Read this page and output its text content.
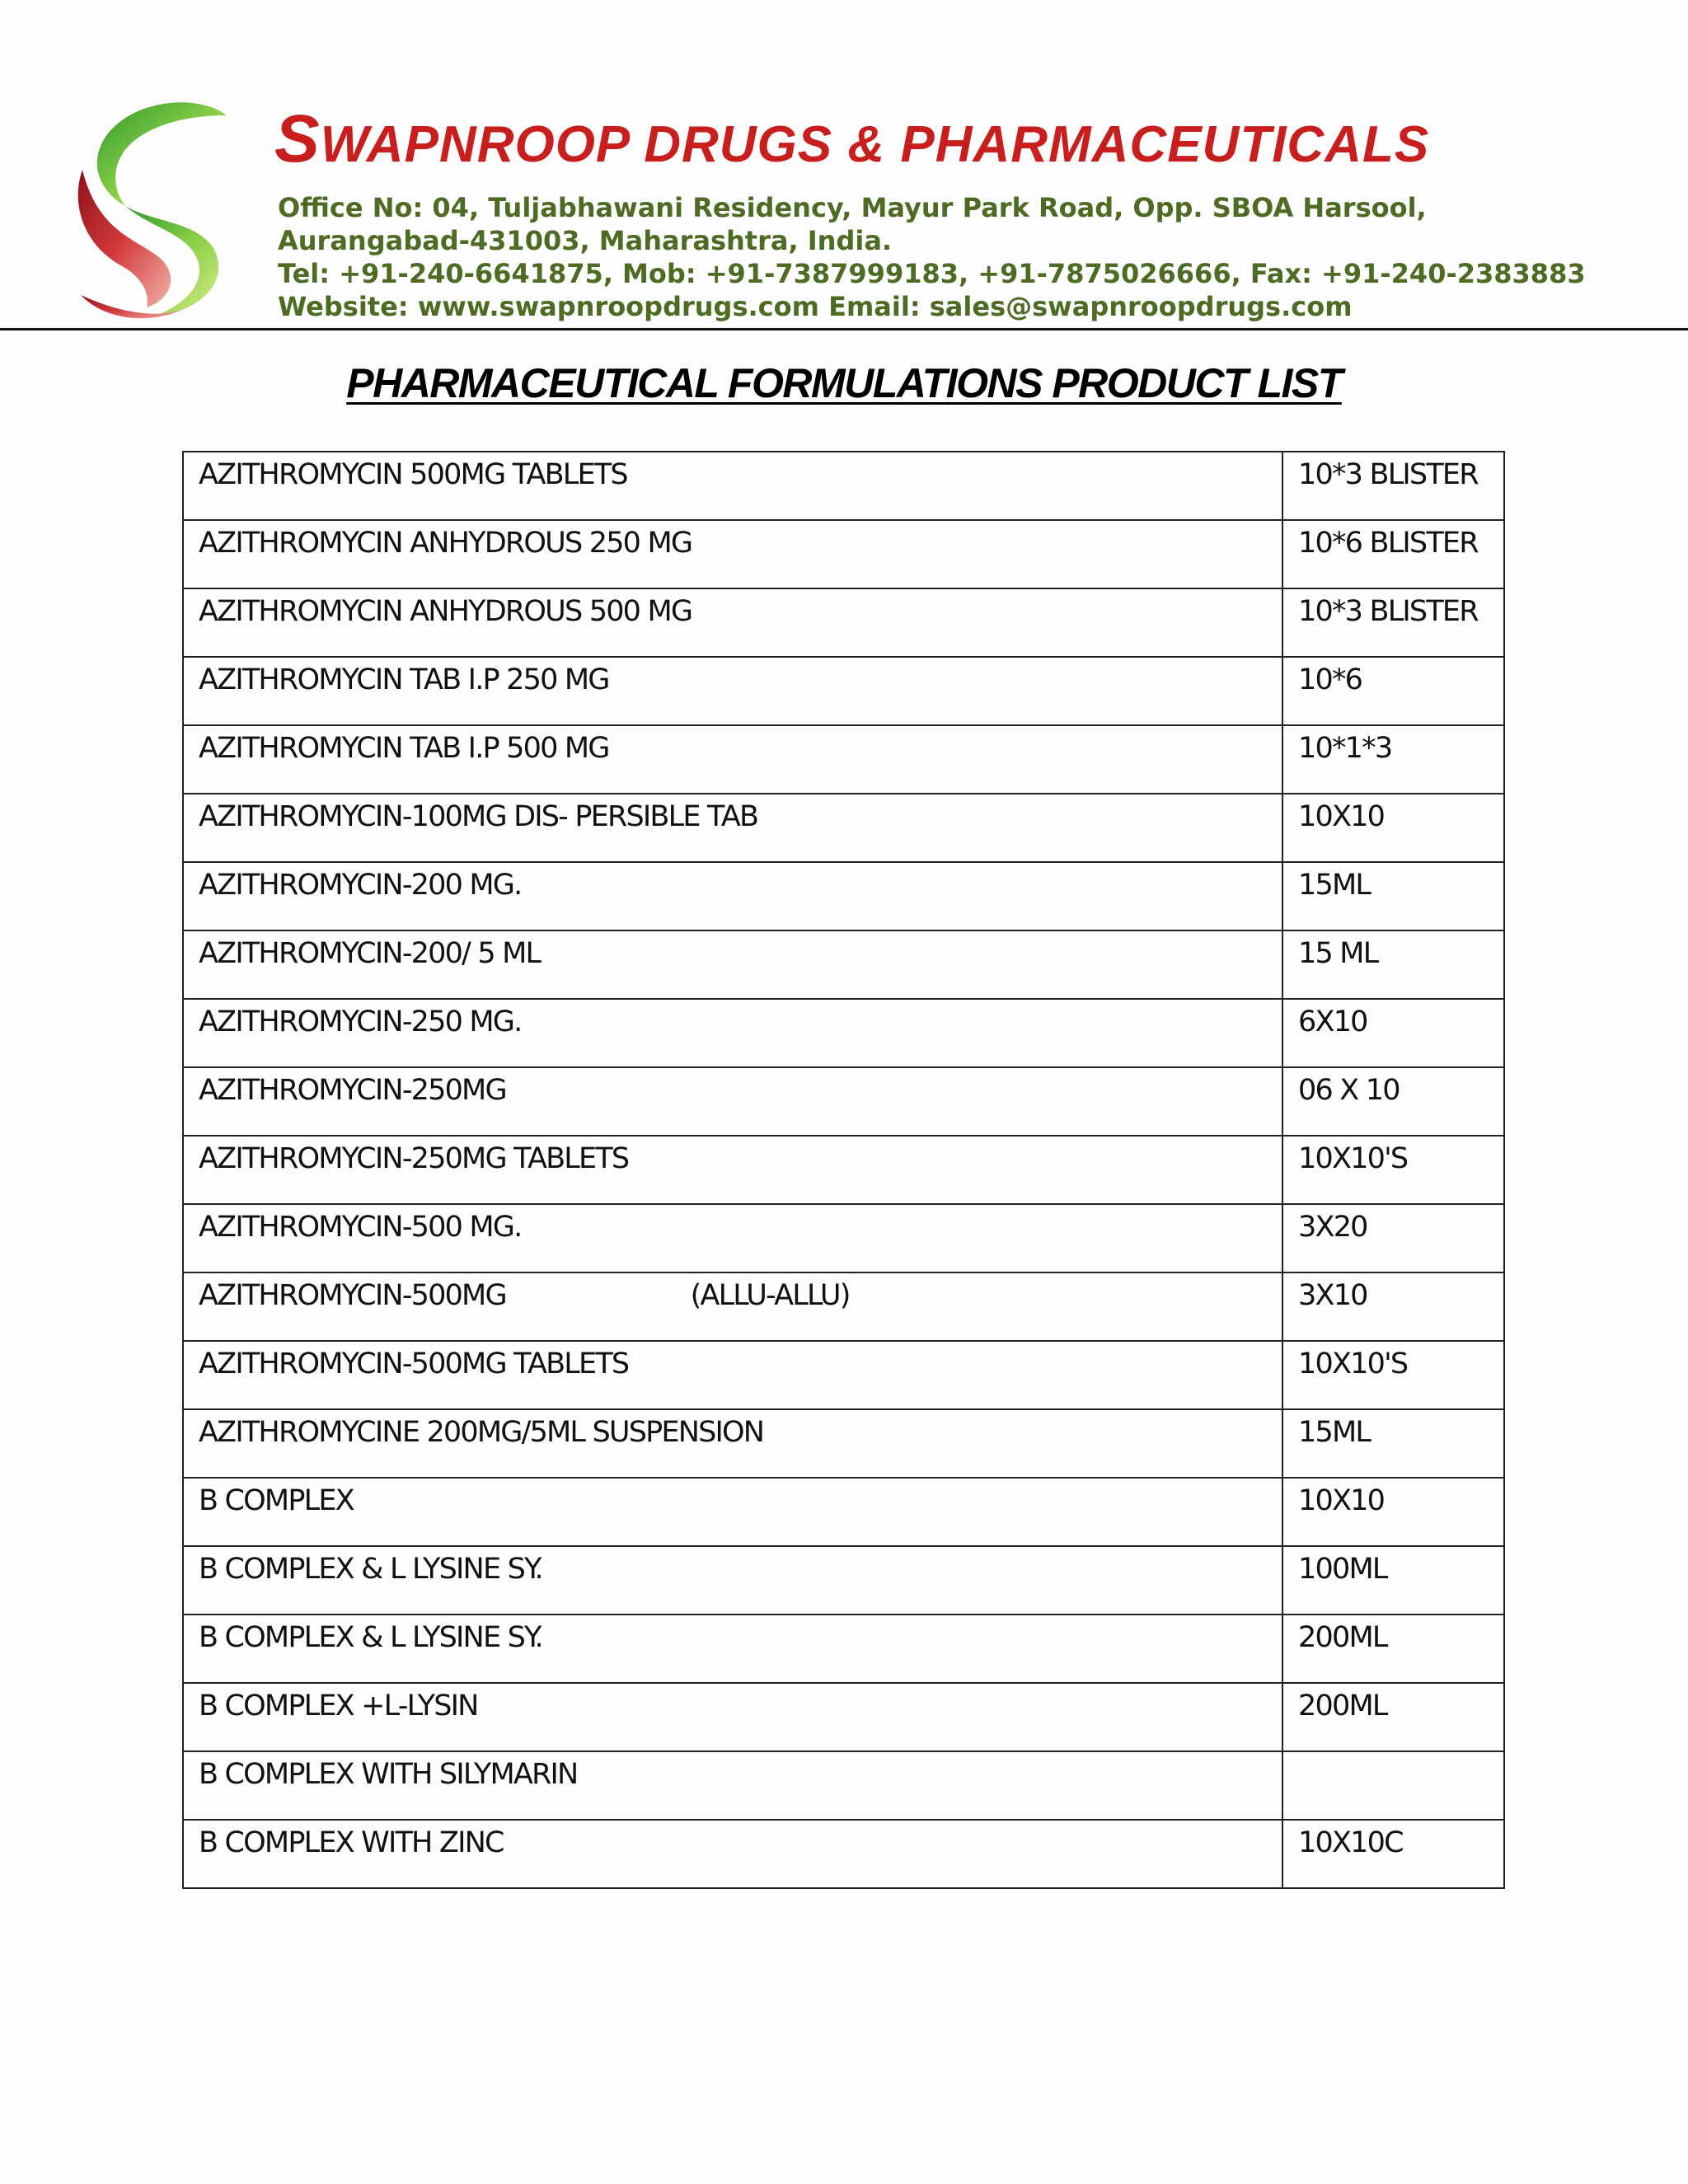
SWAPNROOP DRUGS & PHARMACEUTICALS
Office No: 04, Tuljabhawani Residency, Mayur Park Road, Opp. SBOA Harsool,
Aurangabad-431003, Maharashtra, India.
Tel: +91-240-6641875, Mob: +91-7387999183, +91-7875026666, Fax: +91-240-2383883
Website: www.swapnroopdrugs.com Email: sales@swapnroopdrugs.com
PHARMACEUTICAL FORMULATIONS PRODUCT LIST
AZITHROMYCIN 500MG TABLETS	10*3 BLISTER
AZITHROMYCIN ANHYDROUS 250 MG	10*6 BLISTER
AZITHROMYCIN ANHYDROUS 500 MG	10*3 BLISTER
AZITHROMYCIN TAB I.P 250 MG	10*6
AZITHROMYCIN TAB I.P 500 MG	10*1*3
AZITHROMYCIN-100MG DIS- PERSIBLE TAB	10X10
AZITHROMYCIN-200 MG.	15ML
AZITHROMYCIN-200/ 5 ML	15 ML
AZITHROMYCIN-250 MG.	6X10
AZITHROMYCIN-250MG	06 X 10
AZITHROMYCIN-250MG TABLETS	10X10'S
AZITHROMYCIN-500 MG.	3X20
AZITHROMYCIN-500MG                        (ALLU-ALLU)	3X10
AZITHROMYCIN-500MG TABLETS	10X10'S
AZITHROMYCINE 200MG/5ML SUSPENSION	15ML
B COMPLEX	10X10
B COMPLEX & L LYSINE SY.	100ML
B COMPLEX & L LYSINE SY.	200ML
B COMPLEX +L-LYSIN	200ML
B COMPLEX WITH SILYMARIN	
B COMPLEX WITH ZINC	10X10C
